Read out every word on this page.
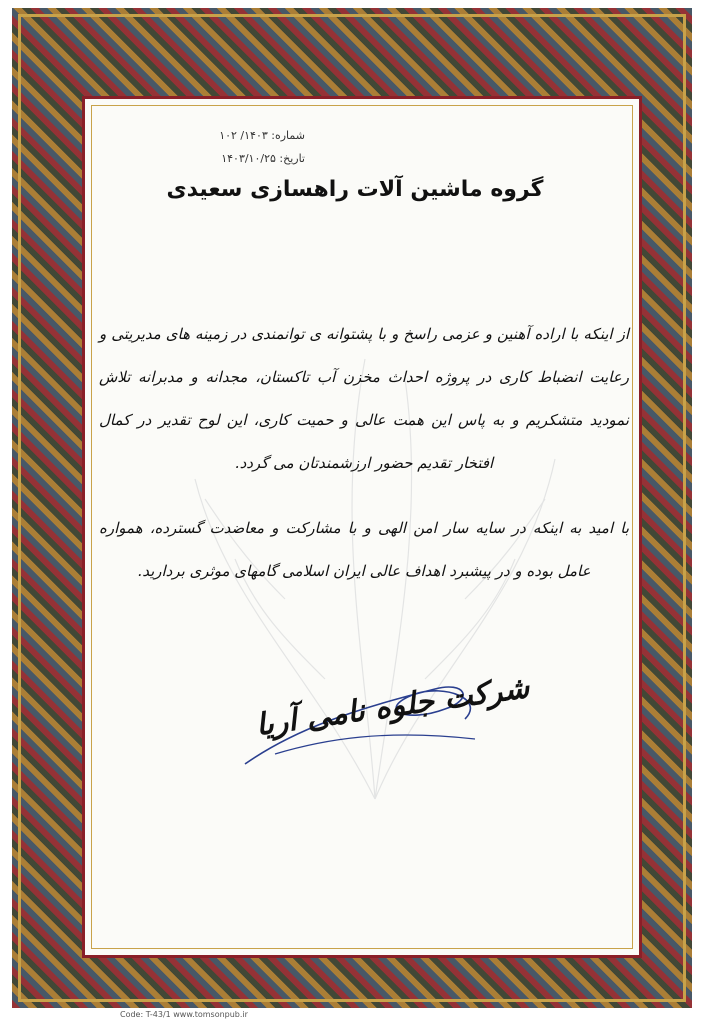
شماره: ۱۴۰۳/ ۱۰۲
تاریخ: ۱۴۰۳/۱۰/۲۵
گروه ماشین آلات راهسازی سعیدی

از اینکه با اراده آهنین و عزمی راسخ و با پشتوانه ی توانمندی در زمینه های مدیریتی و رعایت انضباط کاری در پروژه احداث مخزن آب تاکستان، مجدانه و مدبرانه تلاش نمودید متشکریم و به پاس این همت عالی و حمیت کاری، این لوح تقدیر در کمال افتخار تقدیم حضور ارزشمندتان می گردد.

با امید به اینکه در سایه سار امن الهی و با مشارکت و معاضدت گسترده، همواره عامل بوده و در پیشبرد اهداف عالی ایران اسلامی گامهای موثری بردارید.

شرکت جلوه نامی آریا
Code: T-43/1 www.tomsonpub.ir
